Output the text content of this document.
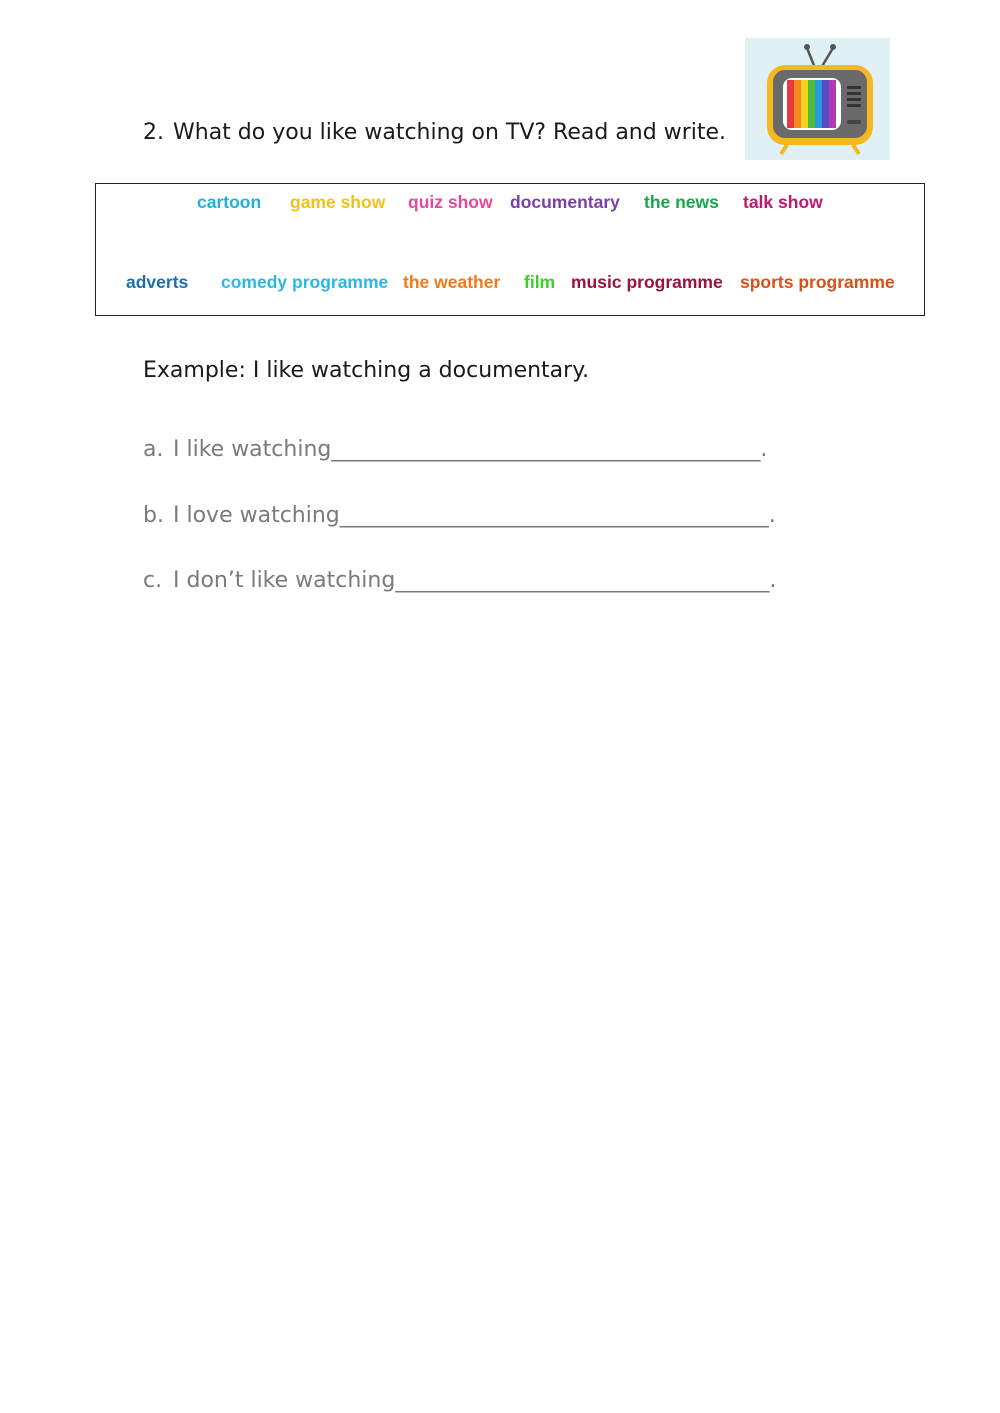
2. What do you like watching on TV? Read and write.
cartoon game show quiz show documentary the news talk show
adverts comedy programme the weather film music programme sports programme
Example: I like watching a documentary.
a. I like watching_______________________________________.
b. I love watching_______________________________________.
c. I don’t like watching__________________________________.
